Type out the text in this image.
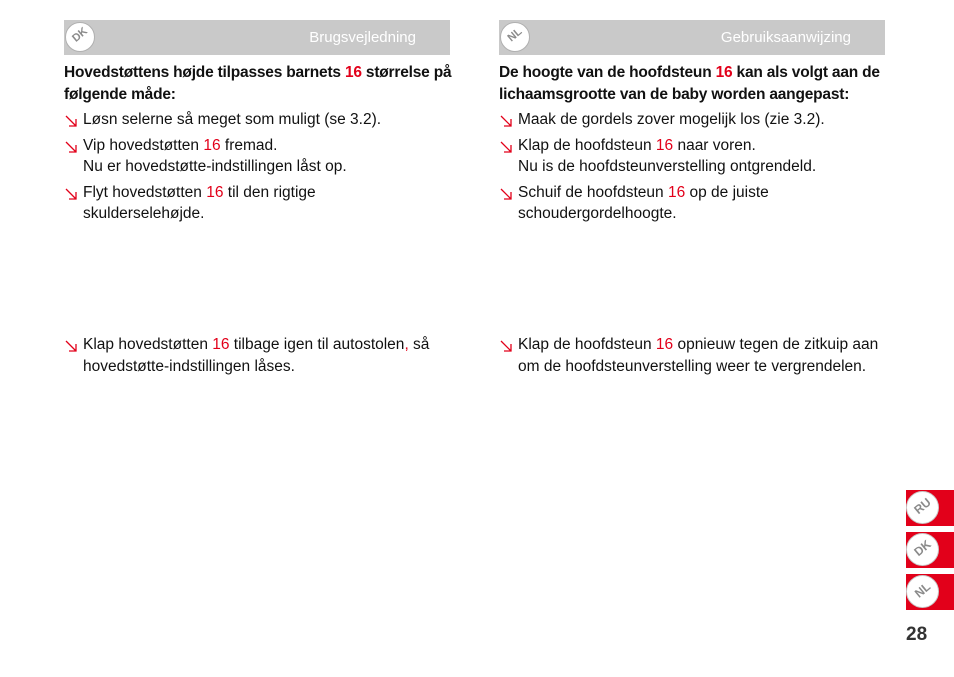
DK	Brugsvejledning	NL	Gebruiksaanwijzing
Hovedstøttens højde tilpasses barnets 16 størrelse på følgende måde:
Løsn selerne så meget som muligt (se 3.2).
Vip hovedstøtten 16 fremad.
Nu er hovedstøtte-indstillingen låst op.
Flyt hovedstøtten 16 til den rigtige skulderselehøjde.
Klap hovedstøtten 16 tilbage igen til autostolen, så hovedstøtte-indstillingen låses.
De hoogte van de hoofdsteun 16 kan als volgt aan de lichaamsgrootte van de baby worden aangepast:
Maak de gordels zover mogelijk los (zie 3.2).
Klap de hoofdsteun 16 naar voren.
Nu is de hoofdsteunverstelling ontgrendeld.
Schuif de hoofdsteun 16 op de juiste schoudergordelhoogte.
Klap de hoofdsteun 16 opnieuw tegen de zitkuip aan om de hoofdsteunverstelling weer te vergrendelen.
RU
DK
NL
28
